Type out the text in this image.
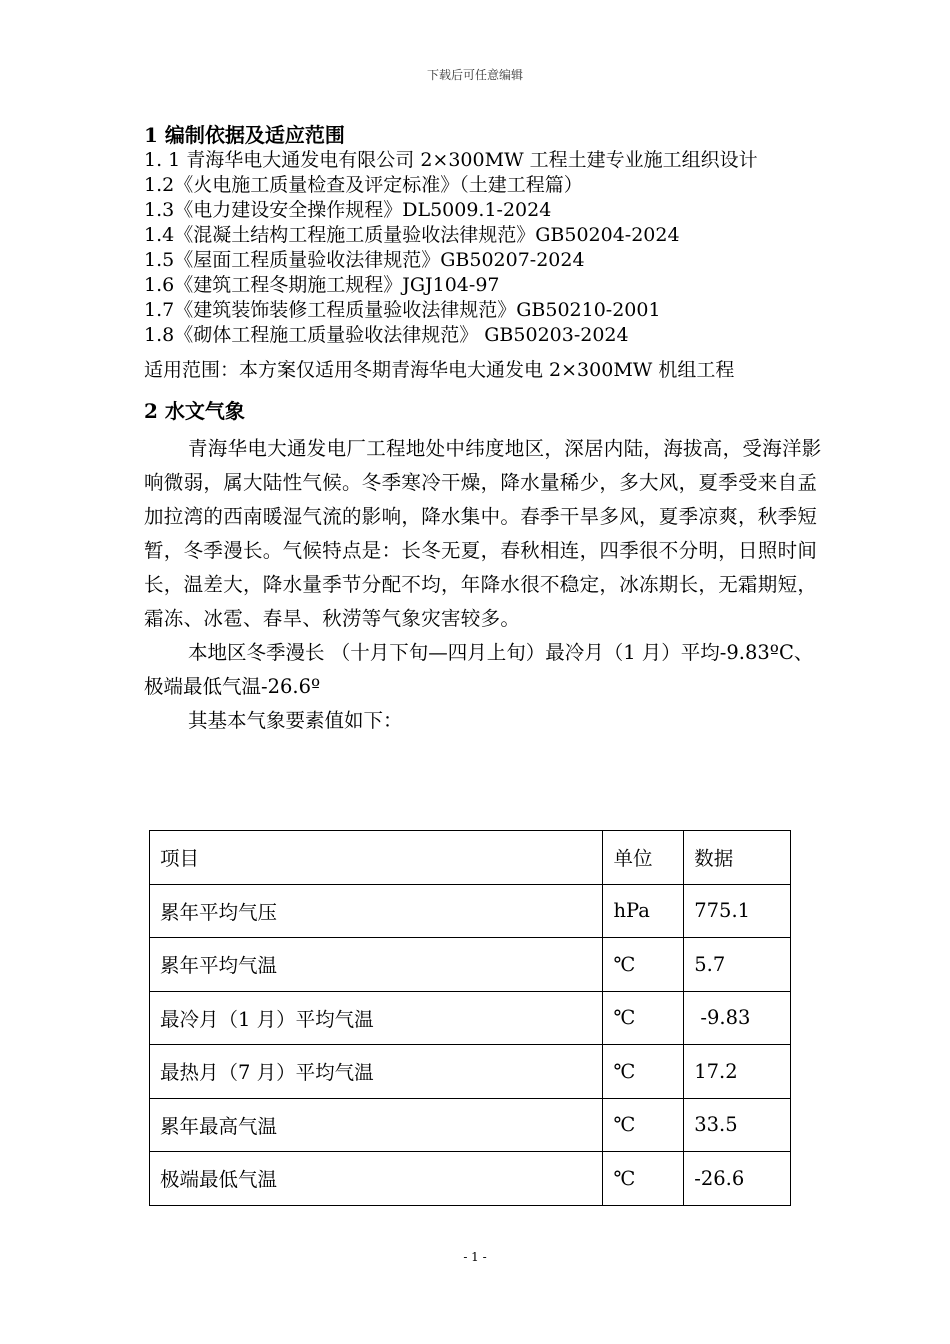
下载后可任意编辑
1 编制依据及适应范围
1. 1 青海华电大通发电有限公司 2×300MW 工程土建专业施工组织设计
1.2《火电施工质量检查及评定标准》（土建工程篇）
1.3《电力建设安全操作规程》DL5009.1-2024
1.4《混凝土结构工程施工质量验收法律规范》GB50204-2024
1.5《屋面工程质量验收法律规范》GB50207-2024
1.6《建筑工程冬期施工规程》JGJ104-97
1.7《建筑装饰装修工程质量验收法律规范》GB50210-2001
1.8《砌体工程施工质量验收法律规范》 GB50203-2024
适用范围：本方案仅适用冬期青海华电大通发电 2×300MW 机组工程
2 水文气象
青海华电大通发电厂工程地处中纬度地区，深居内陆，海拔高，受海洋影响微弱，属大陆性气候。冬季寒冷干燥，降水量稀少，多大风，夏季受来自孟加拉湾的西南暖湿气流的影响，降水集中。春季干旱多风，夏季凉爽，秋季短暂，冬季漫长。气候特点是：长冬无夏，春秋相连，四季很不分明，日照时间长，温差大，降水量季节分配不均，年降水很不稳定，冰冻期长，无霜期短，霜冻、冰雹、春旱、秋涝等气象灾害较多。
本地区冬季漫长 （十月下旬—四月上旬）最冷月（1 月）平均-9.83ºC、极端最低气温-26.6º
其基本气象要素值如下：
项目	单位	数据
累年平均气压	hPa	775.1
累年平均气温	℃	5.7
最冷月（1 月）平均气温	℃	-9.83
最热月（7 月）平均气温	℃	17.2
累年最高气温	℃	33.5
极端最低气温	℃	-26.6
- 1 -
